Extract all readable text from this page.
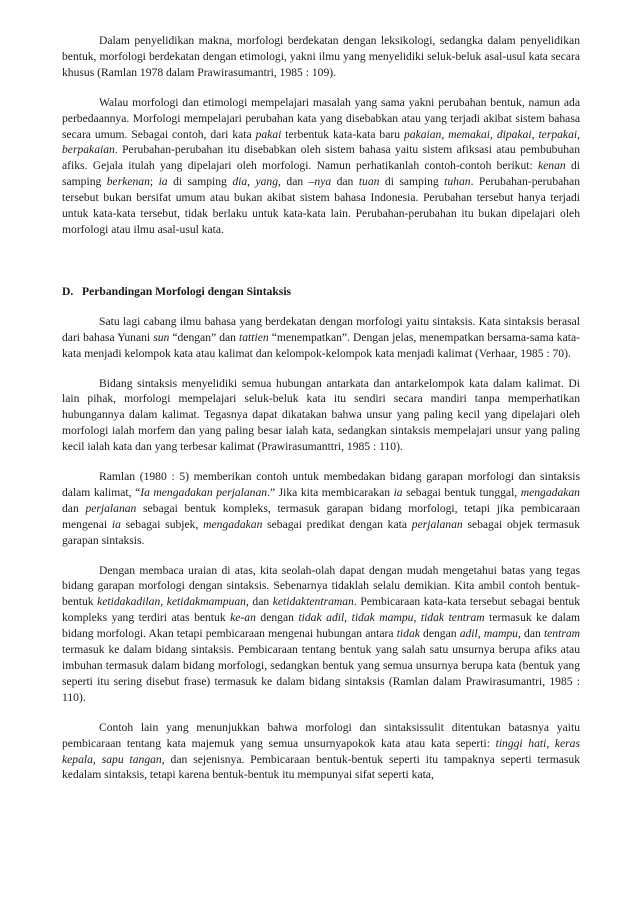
Dalam penyelidikan makna, morfologi berdekatan dengan leksikologi, sedangka dalam penyelidikan bentuk, morfologi berdekatan dengan etimologi, yakni ilmu yang menyelidiki seluk-beluk asal-usul kata secara khusus (Ramlan 1978 dalam Prawirasumantri, 1985 : 109).

Walau morfologi dan etimologi mempelajari masalah yang sama yakni perubahan bentuk, namun ada perbedaannya. Morfologi mempelajari perubahan kata yang disebabkan atau yang terjadi akibat sistem bahasa secara umum. Sebagai contoh, dari kata pakai terbentuk kata-kata baru pakaian, memakai, dipakai, terpakai, berpakaian. Perubahan-perubahan itu disebabkan oleh sistem bahasa yaitu sistem afiksasi atau pembubuhan afiks. Gejala itulah yang dipelajari oleh morfologi. Namun perhatikanlah contoh-contoh berikut: kenan di samping berkenan; ia di samping dia, yang, dan –nya dan tuan di samping tuhan. Perubahan-perubahan tersebut bukan bersifat umum atau bukan akibat sistem bahasa Indonesia. Perubahan tersebut hanya terjadi untuk kata-kata tersebut, tidak berlaku untuk kata-kata lain. Perubahan-perubahan itu bukan dipelajari oleh morfologi atau ilmu asal-usul kata.

D. Perbandingan Morfologi dengan Sintaksis

Satu lagi cabang ilmu bahasa yang berdekatan dengan morfologi yaitu sintaksis. Kata sintaksis berasal dari bahasa Yunani sun “dengan” dan tattien “menempatkan”. Dengan jelas, menempatkan bersama-sama kata-kata menjadi kelompok kata atau kalimat dan kelompok-kelompok kata menjadi kalimat (Verhaar, 1985 : 70).

Bidang sintaksis menyelidiki semua hubungan antarkata dan antarkelompok kata dalam kalimat. Di lain pihak, morfologi mempelajari seluk-beluk kata itu sendiri secara mandiri tanpa memperhatikan hubungannya dalam kalimat. Tegasnya dapat dikatakan bahwa unsur yang paling kecil yang dipelajari oleh morfologi ialah morfem dan yang paling besar ialah kata, sedangkan sintaksis mempelajari unsur yang paling kecil ialah kata dan yang terbesar kalimat (Prawirasumanttri, 1985 : 110).

Ramlan (1980 : 5) memberikan contoh untuk membedakan bidang garapan morfologi dan sintaksis dalam kalimat, “Ia mengadakan perjalanan.” Jika kita membicarakan ia sebagai bentuk tunggal, mengadakan dan perjalanan sebagai bentuk kompleks, termasuk garapan bidang morfologi, tetapi jika pembicaraan mengenai ia sebagai subjek, mengadakan sebagai predikat dengan kata perjalanan sebagai objek termasuk garapan sintaksis.

Dengan membaca uraian di atas, kita seolah-olah dapat dengan mudah mengetahui batas yang tegas bidang garapan morfologi dengan sintaksis. Sebenarnya tidaklah selalu demikian. Kita ambil contoh bentuk-bentuk ketidakadilan, ketidakmampuan, dan ketidaktentraman. Pembicaraan kata-kata tersebut sebagai bentuk kompleks yang terdiri atas bentuk ke-an dengan tidak adil, tidak mampu, tidak tentram termasuk ke dalam bidang morfologi. Akan tetapi pembicaraan mengenai hubungan antara tidak dengan adil, mampu, dan tentram termasuk ke dalam bidang sintaksis. Pembicaraan tentang bentuk yang salah satu unsurnya berupa afiks atau imbuhan termasuk dalam bidang morfologi, sedangkan bentuk yang semua unsurnya berupa kata (bentuk yang seperti itu sering disebut frase) termasuk ke dalam bidang sintaksis (Ramlan dalam Prawirasumantri, 1985 : 110).

Contoh lain yang menunjukkan bahwa morfologi dan sintaksissulit ditentukan batasnya yaitu pembicaraan tentang kata majemuk yang semua unsurnyapokok kata atau kata seperti: tinggi hati, keras kepala, sapu tangan, dan sejenisnya. Pembicaraan bentuk-bentuk seperti itu tampaknya seperti termasuk kedalam sintaksis, tetapi karena bentuk-bentuk itu mempunyai sifat seperti kata,
